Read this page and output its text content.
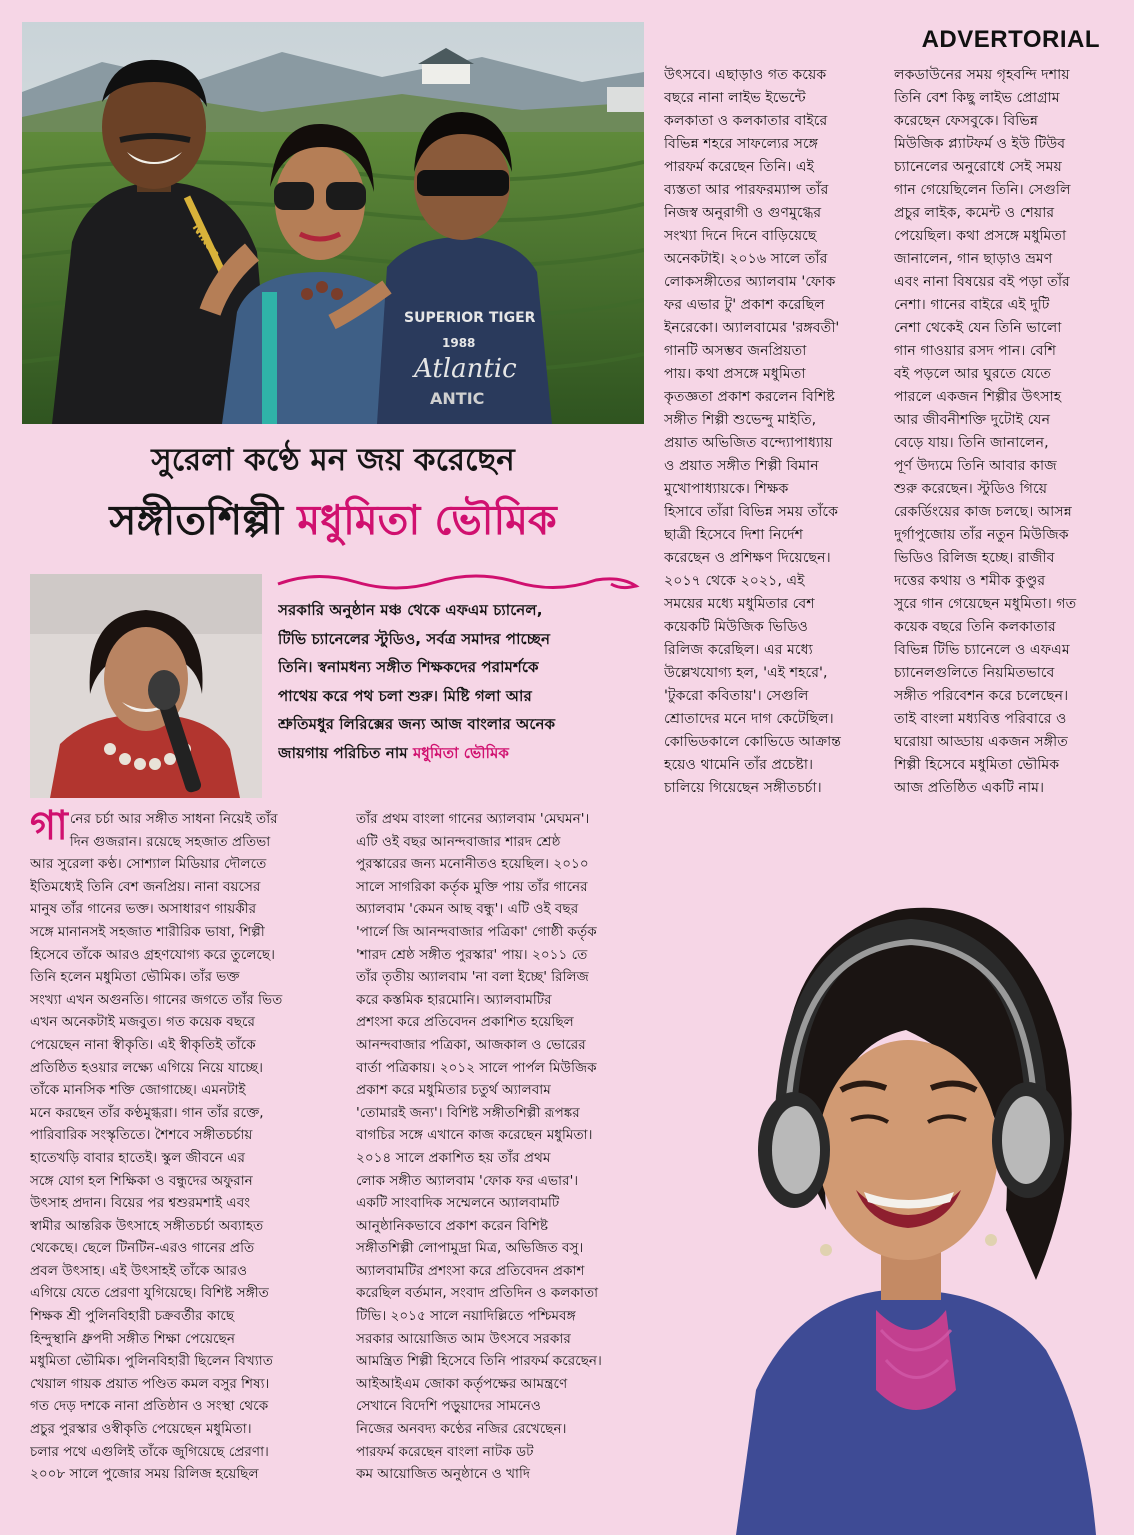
Nikon
SUPERIOR TIGER
1988
Atlantic
ANTIC
ADVERTORIAL
উৎসবে। এছাড়াও গত কয়েক
বছরে নানা লাইভ ইভেন্টে
কলকাতা ও কলকাতার বাইরে
বিভিন্ন শহরে সাফল্যের সঙ্গে
পারফর্ম করেছেন তিনি। এই
ব্যস্ততা আর পারফরম্যান্স তাঁর
নিজস্ব অনুরাগী ও গুণমুগ্ধের
সংখ্যা দিনে দিনে বাড়িয়েছে
অনেকটাই। ২০১৬ সালে তাঁর
লোকসঙ্গীতের অ্যালবাম 'ফোক
ফর এভার টু' প্রকাশ করেছিল
ইনরেকো। অ্যালবামের 'রঙ্গবতী'
গানটি অসম্ভব জনপ্রিয়তা
পায়। কথা প্রসঙ্গে মধুমিতা
কৃতজ্ঞতা প্রকাশ করলেন বিশিষ্ট
সঙ্গীত শিল্পী শুভেন্দু মাইতি,
প্রয়াত অভিজিত বন্দ্যোপাধ্যায়
ও প্রয়াত সঙ্গীত শিল্পী বিমান
মুখোপাধ্যায়কে। শিক্ষক
হিসাবে তাঁরা বিভিন্ন সময় তাঁকে
ছাত্রী হিসেবে দিশা নির্দেশ
করেছেন ও প্রশিক্ষণ দিয়েছেন।
২০১৭ থেকে ২০২১, এই
সময়ের মধ্যে মধুমিতার বেশ
কয়েকটি মিউজিক ভিডিও
রিলিজ করেছিল। এর মধ্যে
উল্লেখযোগ্য হল, 'এই শহরে',
'টুকরো কবিতায়'। সেগুলি
শ্রোতাদের মনে দাগ কেটেছিল।
কোভিডকালে কোভিডে আক্রান্ত
হয়েও থামেনি তাঁর প্রচেষ্টা।
চালিয়ে গিয়েছেন সঙ্গীতচর্চা।
লকডাউনের সময় গৃহবন্দি দশায়
তিনি বেশ কিছু লাইভ প্রোগ্রাম
করেছেন ফেসবুকে। বিভিন্ন
মিউজিক প্ল্যাটফর্ম ও ইউ টিউব
চ্যানেলের অনুরোধে সেই সময়
গান গেয়েছিলেন তিনি। সেগুলি
প্রচুর লাইক, কমেন্ট ও শেয়ার
পেয়েছিল। কথা প্রসঙ্গে মধুমিতা
জানালেন, গান ছাড়াও ভ্রমণ
এবং নানা বিষয়ের বই পড়া তাঁর
নেশা। গানের বাইরে এই দুটি
নেশা থেকেই যেন তিনি ভালো
গান গাওয়ার রসদ পান। বেশি
বই পড়লে আর ঘুরতে যেতে
পারলে একজন শিল্পীর উৎসাহ
আর জীবনীশক্তি দুটোই যেন
বেড়ে যায়। তিনি জানালেন,
পূর্ণ উদ্যমে তিনি আবার কাজ
শুরু করেছেন। স্টুডিও গিয়ে
রেকর্ডিংয়ের কাজ চলছে। আসন্ন
দুর্গাপুজোয় তাঁর নতুন মিউজিক
ভিডিও রিলিজ হচ্ছে। রাজীব
দত্তের কথায় ও শমীক কুণ্ডুর
সুরে গান গেয়েছেন মধুমিতা। গত
কয়েক বছরে তিনি কলকাতার
বিভিন্ন টিভি চ্যানেলে ও এফএম
চ্যানেলগুলিতে নিয়মিতভাবে
সঙ্গীত পরিবেশন করে চলেছেন।
তাই বাংলা মধ্যবিত্ত পরিবারে ও
ঘরোয়া আড্ডায় একজন সঙ্গীত
শিল্পী হিসেবে মধুমিতা ভৌমিক
আজ প্রতিষ্ঠিত একটি নাম।
সুরেলা কণ্ঠে মন জয় করেছেন
সঙ্গীতশিল্পী মধুমিতা ভৌমিক
সরকারি অনুষ্ঠান মঞ্চ থেকে এফএম চ্যানেল,
টিভি চ্যানেলের স্টুডিও, সর্বত্র সমাদর পাচ্ছেন
তিনি। স্বনামধন্য সঙ্গীত শিক্ষকদের পরামর্শকে
পাথেয় করে পথ চলা শুরু। মিষ্টি গলা আর
শ্রুতিমধুর লিরিক্সের জন্য আজ বাংলার অনেক
জায়গায় পরিচিত নাম মধুমিতা ভৌমিক
গানের চর্চা আর সঙ্গীত সাধনা নিয়েই তাঁর
দিন গুজরান। রয়েছে সহজাত প্রতিভা
আর সুরেলা কণ্ঠ। সোশ্যাল মিডিয়ার দৌলতে
ইতিমধ্যেই তিনি বেশ জনপ্রিয়। নানা বয়সের
মানুষ তাঁর গানের ভক্ত। অসাধারণ গায়কীর
সঙ্গে মানানসই সহজাত শারীরিক ভাষা, শিল্পী
হিসেবে তাঁকে আরও গ্রহণযোগ্য করে তুলেছে।
তিনি হলেন মধুমিতা ভৌমিক। তাঁর ভক্ত
সংখ্যা এখন অগুনতি। গানের জগতে তাঁর ভিত
এখন অনেকটাই মজবুত। গত কয়েক বছরে
পেয়েছেন নানা স্বীকৃতি। এই স্বীকৃতিই তাঁকে
প্রতিষ্ঠিত হওয়ার লক্ষ্যে এগিয়ে নিয়ে যাচ্ছে।
তাঁকে মানসিক শক্তি জোগাচ্ছে। এমনটাই
মনে করছেন তাঁর কণ্ঠমুগ্ধরা। গান তাঁর রক্তে,
পারিবারিক সংস্কৃতিতে। শৈশবে সঙ্গীতচর্চায়
হাতেখড়ি বাবার হাতেই। স্কুল জীবনে এর
সঙ্গে যোগ হল শিক্ষিকা ও বন্ধুদের অফুরান
উৎসাহ প্রদান। বিয়ের পর শ্বশুরমশাই এবং
স্বামীর আন্তরিক উৎসাহে সঙ্গীতচর্চা অব্যাহত
থেকেছে। ছেলে টিনটিন-এরও গানের প্রতি
প্রবল উৎসাহ। এই উৎসাহই তাঁকে আরও
এগিয়ে যেতে প্রেরণা যুগিয়েছে। বিশিষ্ট সঙ্গীত
শিক্ষক শ্রী পুলিনবিহারী চক্রবর্তীর কাছে
হিন্দুস্থানি ধ্রুপদী সঙ্গীত শিক্ষা পেয়েছেন
মধুমিতা ভৌমিক। পুলিনবিহারী ছিলেন বিখ্যাত
খেয়াল গায়ক প্রয়াত পণ্ডিত কমল বসুর শিষ্য।
গত দেড় দশকে নানা প্রতিষ্ঠান ও সংস্থা থেকে
প্রচুর পুরস্কার ওস্বীকৃতি পেয়েছেন মধুমিতা।
চলার পথে এগুলিই তাঁকে জুগিয়েছে প্রেরণা।
২০০৮ সালে পুজোর সময় রিলিজ হয়েছিল
তাঁর প্রথম বাংলা গানের অ্যালবাম 'মেঘমন'।
এটি ওই বছর আনন্দবাজার শারদ শ্রেষ্ঠ
পুরস্কারের জন্য মনোনীতও হয়েছিল। ২০১০
সালে সাগরিকা কর্তৃক মুক্তি পায় তাঁর গানের
অ্যালবাম 'কেমন আছ বন্ধু'। এটি ওই বছর
'পার্লে জি আনন্দবাজার পত্রিকা' গোষ্ঠী কর্তৃক
'শারদ শ্রেষ্ঠ সঙ্গীত পুরস্কার' পায়। ২০১১ তে
তাঁর তৃতীয় অ্যালবাম 'না বলা ইচ্ছে' রিলিজ
করে কস্তমিক হারমোনি। অ্যালবামটির
প্রশংসা করে প্রতিবেদন প্রকাশিত হয়েছিল
আনন্দবাজার পত্রিকা, আজকাল ও ভোরের
বার্তা পত্রিকায়। ২০১২ সালে পার্পল মিউজিক
প্রকাশ করে মধুমিতার চতুর্থ অ্যালবাম
'তোমারই জন্য'। বিশিষ্ট সঙ্গীতশিল্পী রূপঙ্কর
বাগচির সঙ্গে এখানে কাজ করেছেন মধুমিতা।
২০১৪ সালে প্রকাশিত হয় তাঁর প্রথম
লোক সঙ্গীত অ্যালবাম 'ফোক ফর এভার'।
একটি সাংবাদিক সম্মেলনে অ্যালবামটি
আনুষ্ঠানিকভাবে প্রকাশ করেন বিশিষ্ট
সঙ্গীতশিল্পী লোপামুদ্রা মিত্র, অভিজিত বসু।
অ্যালবামটির প্রশংসা করে প্রতিবেদন প্রকাশ
করেছিল বর্তমান, সংবাদ প্রতিদিন ও কলকাতা
টিভি। ২০১৫ সালে নয়াদিল্লিতে পশ্চিমবঙ্গ
সরকার আয়োজিত আম উৎসবে সরকার
আমন্ত্রিত শিল্পী হিসেবে তিনি পারফর্ম করেছেন।
আইআইএম জোকা কর্তৃপক্ষের আমন্ত্রণে
সেখানে বিদেশি পড়ুয়াদের সামনেও
নিজের অনবদ্য কণ্ঠের নজির রেখেছেন।
পারফর্ম করেছেন বাংলা নাটক ডট
কম আয়োজিত অনুষ্ঠানে ও খাদি
